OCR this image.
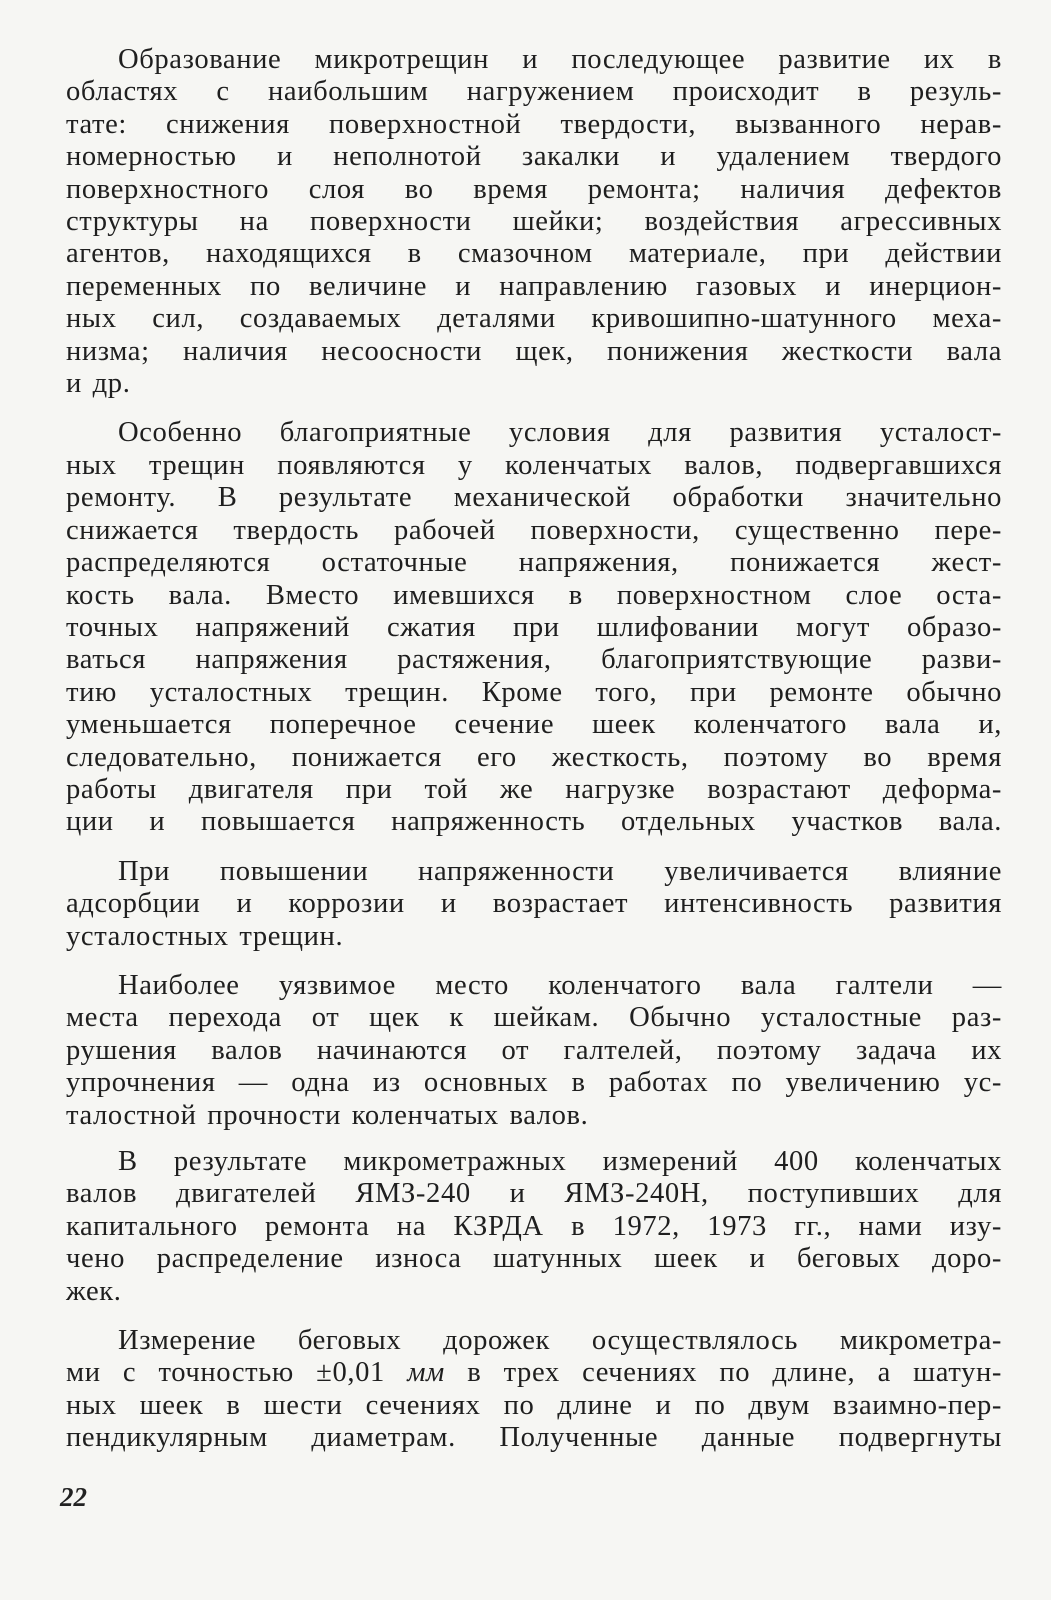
Образование микротрещин и последующее развитие их в
областях с наибольшим нагружением происходит в резуль-
тате: снижения поверхностной твердости, вызванного нерав-
номерностью и неполнотой закалки и удалением твердого
поверхностного слоя во время ремонта; наличия дефектов
структуры на поверхности шейки; воздействия агрессивных
агентов, находящихся в смазочном материале, при действии
переменных по величине и направлению газовых и инерцион-
ных сил, создаваемых деталями кривошипно-шатунного меха-
низма; наличия несоосности щек, понижения жесткости вала
и др.

Особенно благоприятные условия для развития усталост-
ных трещин появляются у коленчатых валов, подвергавшихся
ремонту. В результате механической обработки значительно
снижается твердость рабочей поверхности, существенно пере-
распределяются остаточные напряжения, понижается жест-
кость вала. Вместо имевшихся в поверхностном слое оста-
точных напряжений сжатия при шлифовании могут образо-
ваться напряжения растяжения, благоприятствующие разви-
тию усталостных трещин. Кроме того, при ремонте обычно
уменьшается поперечное сечение шеек коленчатого вала и,
следовательно, понижается его жесткость, поэтому во время
работы двигателя при той же нагрузке возрастают деформа-
ции и повышается напряженность отдельных участков вала.

При повышении напряженности увеличивается влияние
адсорбции и коррозии и возрастает интенсивность развития
усталостных трещин.

Наиболее уязвимое место коленчатого вала галтели —
места перехода от щек к шейкам. Обычно усталостные раз-
рушения валов начинаются от галтелей, поэтому задача их
упрочнения — одна из основных в работах по увеличению ус-
талостной прочности коленчатых валов.

В результате микрометражных измерений 400 коленчатых
валов двигателей ЯМЗ-240 и ЯМЗ-240Н, поступивших для
капитального ремонта на КЗРДА в 1972, 1973 гг., нами изу-
чено распределение износа шатунных шеек и беговых доро-
жек.

Измерение беговых дорожек осуществлялось микрометра-
ми с точностью ±0,01 мм в трех сечениях по длине, а шатун-
ных шеек в шести сечениях по длине и по двум взаимно-пер-
пендикулярным диаметрам. Полученные данные подвергнуты

22
